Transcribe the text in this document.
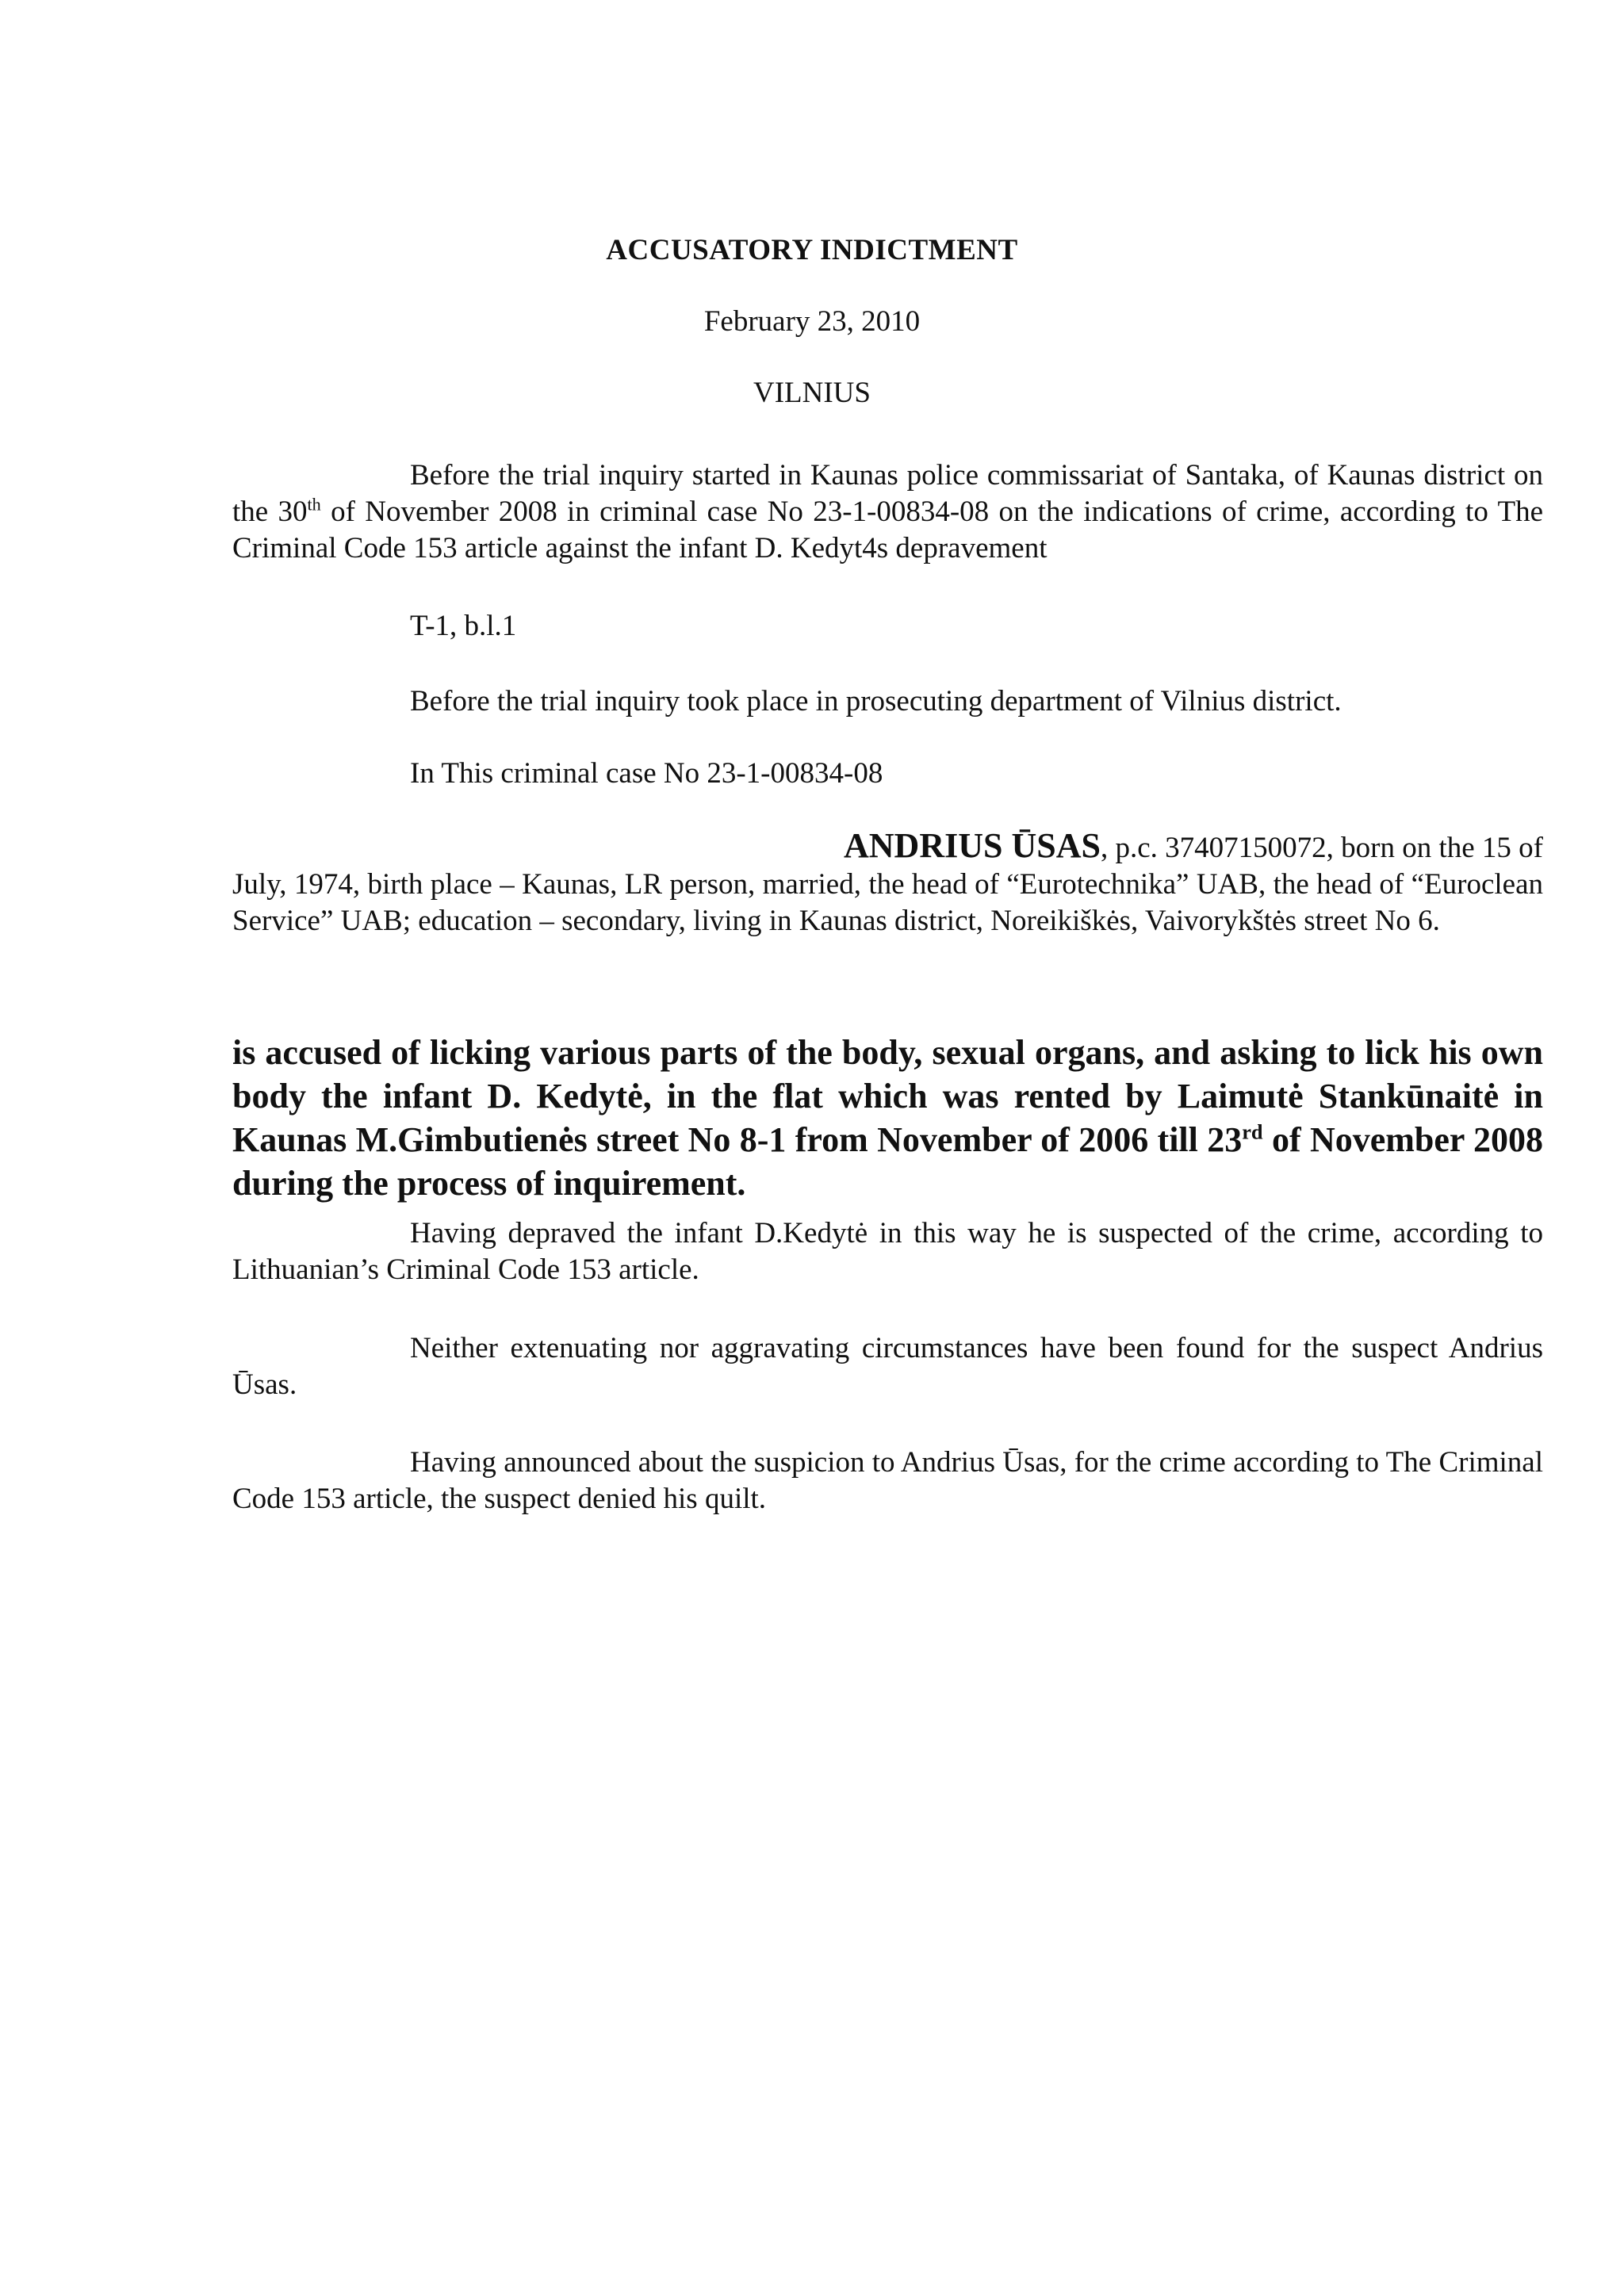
ACCUSATORY INDICTMENT
February 23, 2010
VILNIUS

Before the trial inquiry started in Kaunas police commissariat of Santaka, of Kaunas district on the 30th of November 2008 in criminal case No 23-1-00834-08 on the indications of crime, according to The Criminal Code 153 article against the infant D. Kedyt4s depravement

T-1, b.l.1

Before the trial inquiry took place in prosecuting department of Vilnius district.

In This criminal case No 23-1-00834-08

ANDRIUS ŪSAS, p.c. 37407150072, born on the 15 of
July, 1974, birth place – Kaunas, LR person, married, the head of “Eurotechnika” UAB, the head of “Euroclean Service” UAB; education – secondary, living in Kaunas district, Noreikiškės, Vaivorykštės street No 6.

is accused of licking various parts of the body, sexual organs, and asking to lick his own body the infant D. Kedytė, in the flat which was rented by Laimutė Stankūnaitė in Kaunas M.Gimbutienės street No 8-1 from November of 2006 till 23rd of November 2008 during the process of inquirement.

Having depraved the infant D.Kedytė in this way he is suspected of the crime, according to Lithuanian’s Criminal Code 153 article.

Neither extenuating nor aggravating circumstances have been found for the suspect Andrius Ūsas.

Having announced about the suspicion to Andrius Ūsas, for the crime according to The Criminal Code 153 article, the suspect denied his quilt.
